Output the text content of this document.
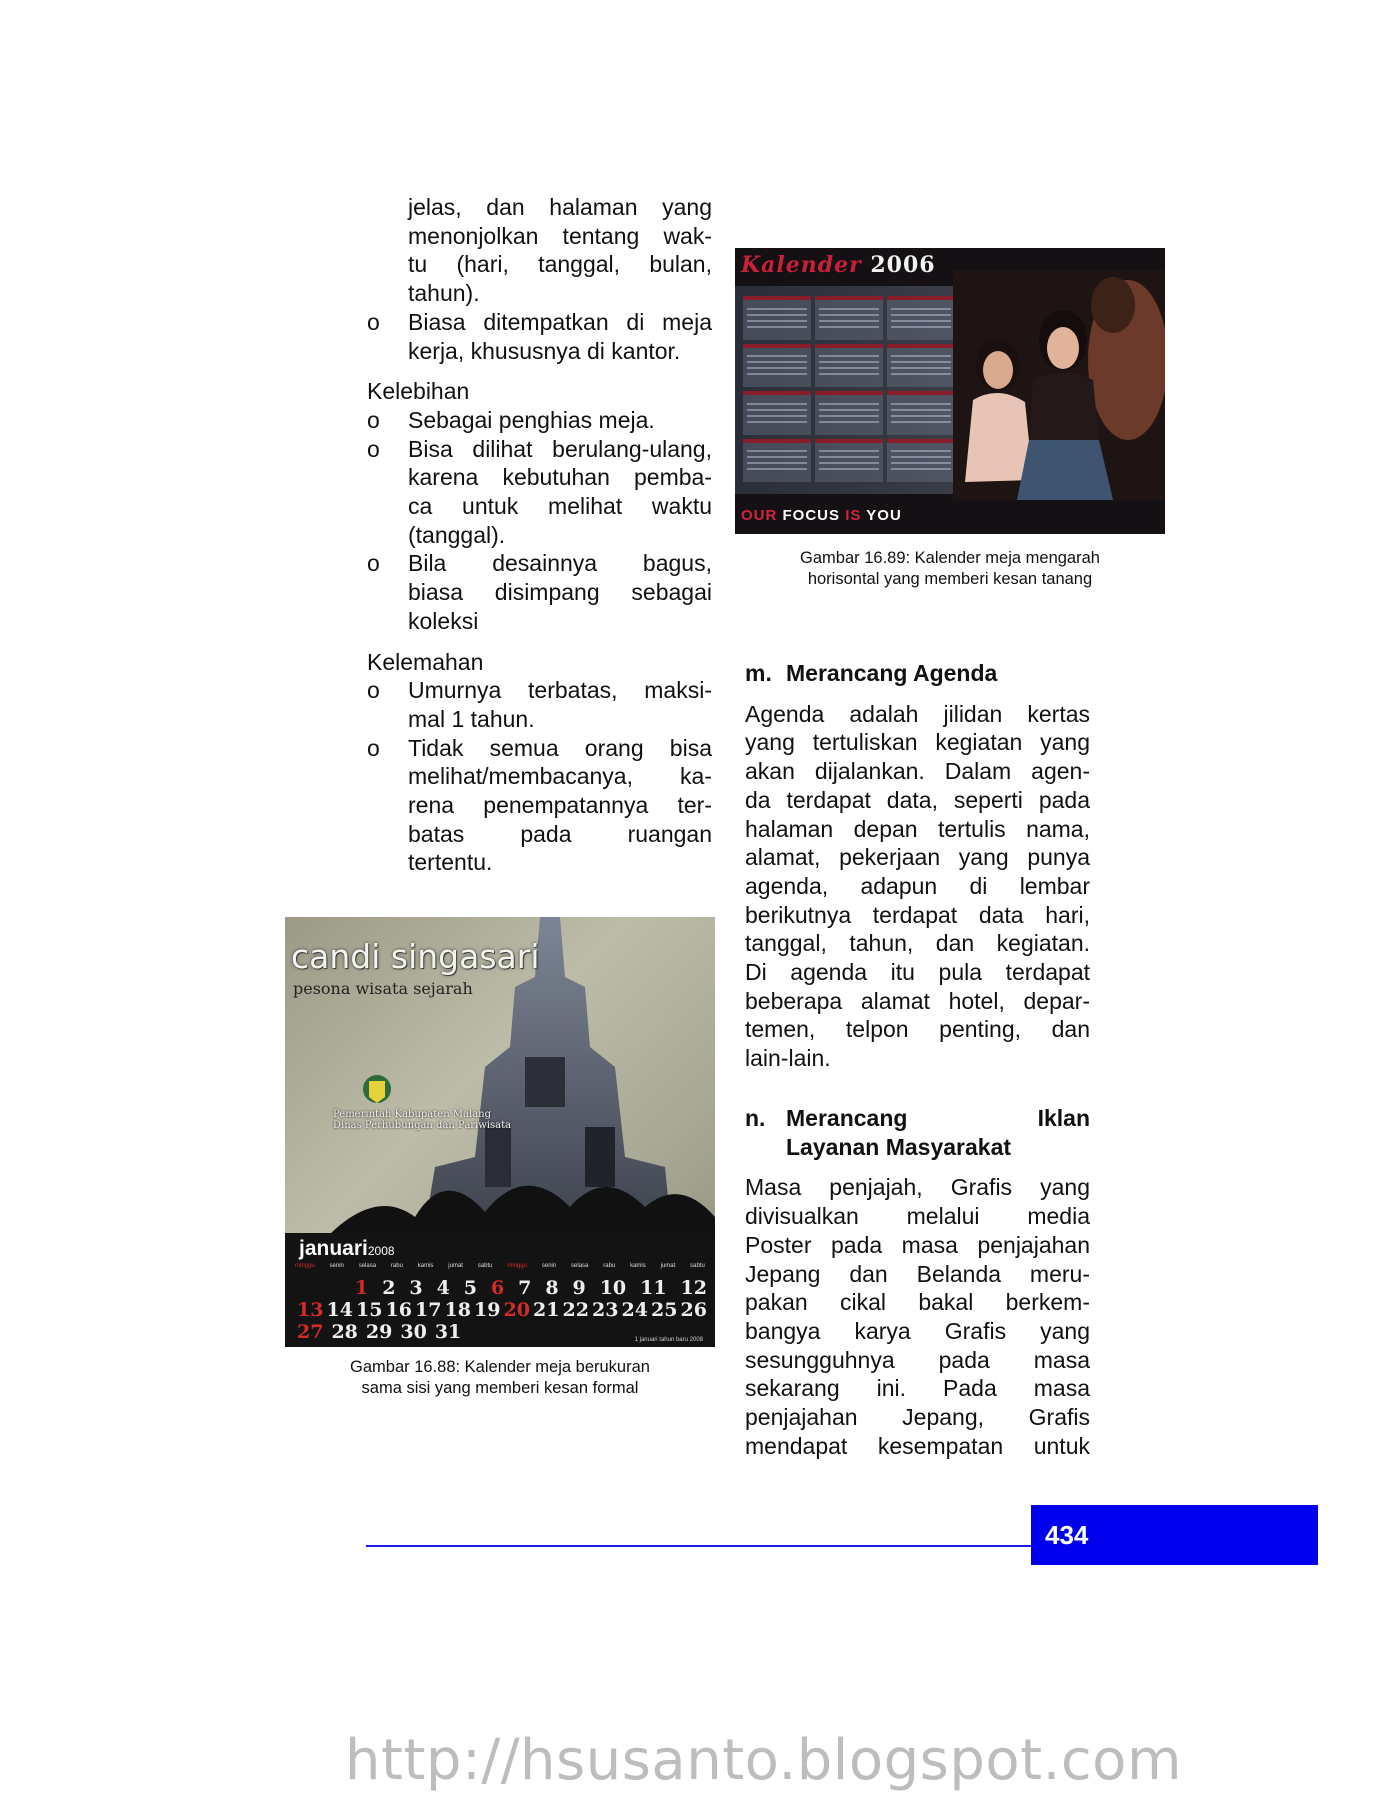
jelas, dan halaman yang
menonjolkan tentang wak-
tu (hari, tanggal, bulan,
tahun).
o Biasa ditempatkan di meja
kerja, khususnya di kantor.
Kelebihan
o Sebagai penghias meja.
o Bisa dilihat berulang-ulang,
karena kebutuhan pemba-
ca untuk melihat waktu
(tanggal).
o Bila desainnya bagus,
biasa disimpang sebagai
koleksi
Kelemahan
o Umurnya terbatas, maksi-
mal 1 tahun.
o Tidak semua orang bisa
melihat/membacanya, ka-
rena penempatannya ter-
batas pada ruangan
tertentu.
Kalender 2006
OUR FOCUS IS YOU
Gambar 16.89: Kalender meja mengarah
horisontal yang memberi kesan tanang
candi singasari
pesona wisata sejarah
Pemerintah Kabupaten Malang
Dinas Perhubungan dan Pariwisata
januari2008
minggu senin selasa rabu kamis jumat sabtu minggu senin selasa rabu kamis jumat sabtu
1 2 3 4 5 6 7 8 9 10 11 12
13 14 15 16 17 18 19 20 21 22 23 24 25 26
27 28 29 30 31	1 januari tahun baru 2008
Gambar 16.88: Kalender meja berukuran
sama sisi yang memberi kesan formal
m. Merancang Agenda
Agenda adalah jilidan kertas
yang tertuliskan kegiatan yang
akan dijalankan. Dalam agen-
da terdapat data, seperti pada
halaman depan tertulis nama,
alamat, pekerjaan yang punya
agenda, adapun di lembar
berikutnya terdapat data hari,
tanggal, tahun, dan kegiatan.
Di agenda itu pula terdapat
beberapa alamat hotel, depar-
temen, telpon penting, dan
lain-lain.
n. Merancang Iklan
Layanan Masyarakat
Masa penjajah, Grafis yang
divisualkan melalui media
Poster pada masa penjajahan
Jepang dan Belanda meru-
pakan cikal bakal berkem-
bangya karya Grafis yang
sesungguhnya pada masa
sekarang ini. Pada masa
penjajahan Jepang, Grafis
mendapat kesempatan untuk
434
http://hsusanto.blogspot.com
